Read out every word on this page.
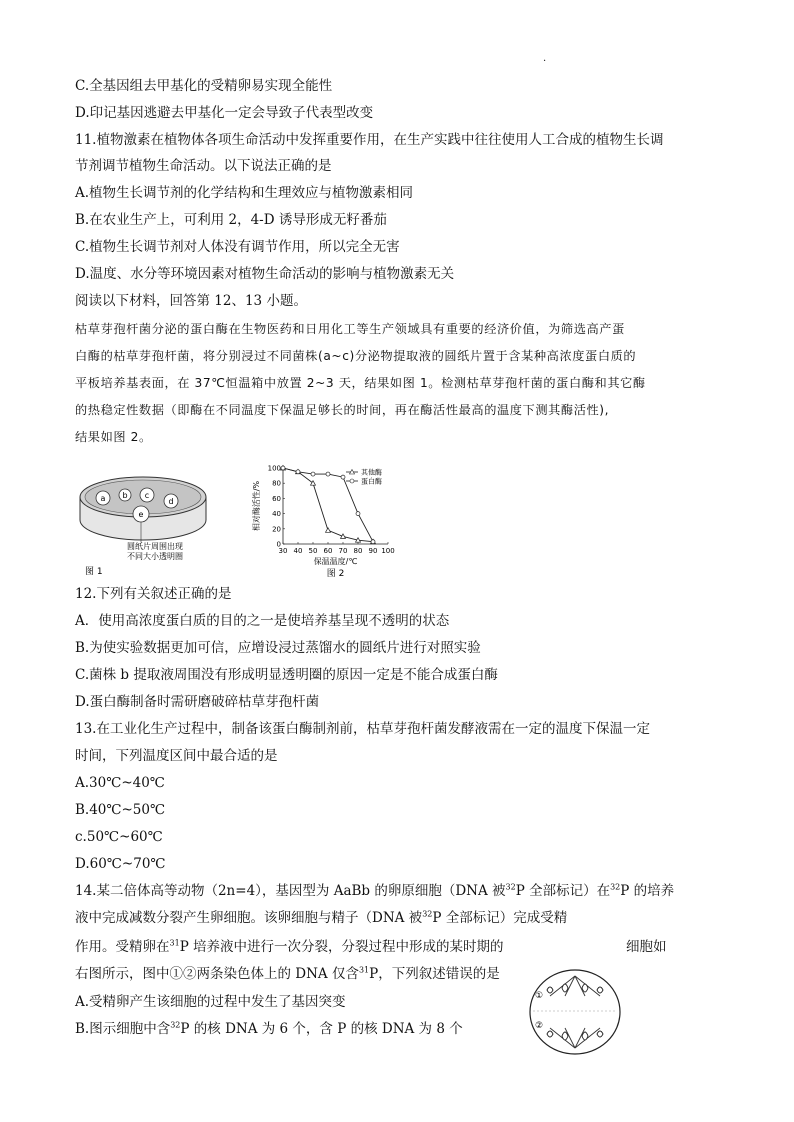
.
C.全基因组去甲基化的受精卵易实现全能性
D.印记基因逃避去甲基化一定会导致子代表型改变
11.植物激素在植物体各项生命活动中发挥重要作用，在生产实践中往往使用人工合成的植物生长调
节剂调节植物生命活动。以下说法正确的是
A.植物生长调节剂的化学结构和生理效应与植物激素相同
B.在农业生产上，可利用 2，4-D 诱导形成无籽番茄
C.植物生长调节剂对人体没有调节作用，所以完全无害
D.温度、水分等环境因素对植物生命活动的影响与植物激素无关
阅读以下材料，回答第 12、13 小题。
枯草芽孢杆菌分泌的蛋白酶在生物医药和日用化工等生产领域具有重要的经济价值，为筛选高产蛋
白酶的枯草芽孢杆菌，将分别浸过不同菌株(a~c)分泌物提取液的圆纸片置于含某种高浓度蛋白质的
平板培养基表面，在 37℃恒温箱中放置 2~3 天，结果如图 1。检测枯草芽孢杆菌的蛋白酶和其它酶
的热稳定性数据（即酶在不同温度下保温足够长的时间，再在酶活性最高的温度下测其酶活性),
结果如图 2。
a b c
d
e
圆纸片周围出现
不同大小透明圈
图 1
30 40 50 60 70 80 90 100
0
20
40
60
80
100
相对酶活性/%
保温温度/℃
图 2
其他酶
蛋白酶
12.下列有关叙述正确的是
A．使用高浓度蛋白质的目的之一是使培养基呈现不透明的状态
B.为使实验数据更加可信，应增设浸过蒸馏水的圆纸片进行对照实验
C.菌株 b 提取液周围没有形成明显透明圈的原因一定是不能合成蛋白酶
D.蛋白酶制备时需研磨破碎枯草芽孢杆菌
13.在工业化生产过程中，制备该蛋白酶制剂前，枯草芽孢杆菌发酵液需在一定的温度下保温一定
时间，下列温度区间中最合适的是
A.30℃~40℃
B.40℃~50℃
c.50℃~60℃
D.60℃~70℃
14.某二倍体高等动物（2n=4），基因型为 AaBb 的卵原细胞（DNA 被$^{32}$P 全部标记）在$^{32}$P 的培养
液中完成减数分裂产生卵细胞。该卵细胞与精子（DNA 被$^{32}$P 全部标记）完成受精
作用。受精卵在$^{31}$P 培养液中进行一次分裂，分裂过程中形成的某时期的	细胞如
右图所示，图中①②两条染色体上的 DNA 仅含$^{31}$P，下列叙述错误的是
A.受精卵产生该细胞的过程中发生了基因突变
B.图示细胞中含$^{32}$P 的核 DNA 为 6 个，含 P 的核 DNA 为 8 个
①
②
